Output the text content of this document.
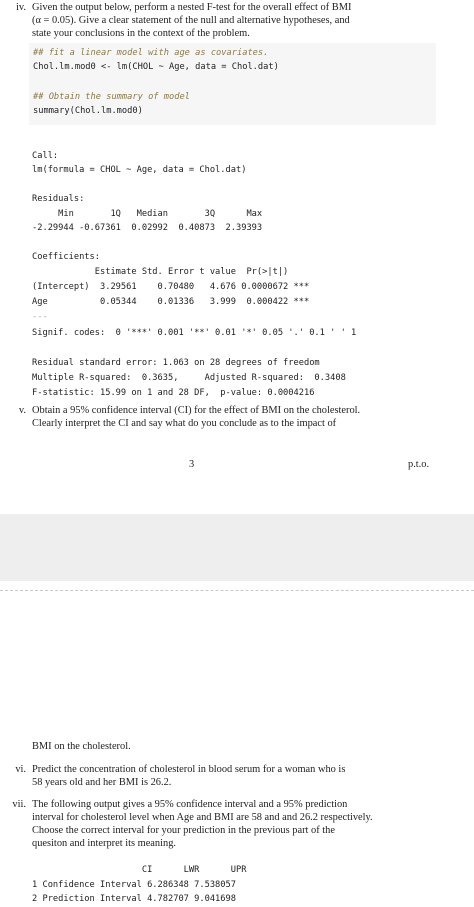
iv. Given the output below, perform a nested F-test for the overall effect of BMI
(α = 0.05). Give a clear statement of the null and alternative hypotheses, and
state your conclusions in the context of the problem.
## fit a linear model with age as covariates.
Chol.lm.mod0 <- lm(CHOL ~ Age, data = Chol.dat)
## Obtain the summary of model
summary(Chol.lm.mod0)
Call:
lm(formula = CHOL ~ Age, data = Chol.dat)
Residuals:
Min       1Q   Median       3Q      Max
-2.29944 -0.67361  0.02992  0.40873  2.39393
Coefficients:
Estimate Std. Error t value  Pr(>|t|)
(Intercept)  3.29561    0.70480   4.676 0.0000672 ***
Age          0.05344    0.01336   3.999  0.000422 ***
---
Signif. codes:  0 '***' 0.001 '**' 0.01 '*' 0.05 '.' 0.1 ' ' 1
Residual standard error: 1.063 on 28 degrees of freedom
Multiple R-squared:  0.3635,     Adjusted R-squared:  0.3408
F-statistic: 15.99 on 1 and 28 DF,  p-value: 0.0004216
v. Obtain a 95% confidence interval (CI) for the effect of BMI on the cholesterol.
Clearly interpret the CI and say what do you conclude as to the impact of
3	p.t.o.
BMI on the cholesterol.
vi. Predict the concentration of cholesterol in blood serum for a woman who is
58 years old and her BMI is 26.2.
vii. The following output gives a 95% confidence interval and a 95% prediction
interval for cholesterol level when Age and BMI are 58 and and 26.2 respectively.
Choose the correct interval for your prediction in the previous part of the
quesiton and interpret its meaning.
CI      LWR      UPR
1 Confidence Interval 6.286348 7.538057
2 Prediction Interval 4.782707 9.041698
